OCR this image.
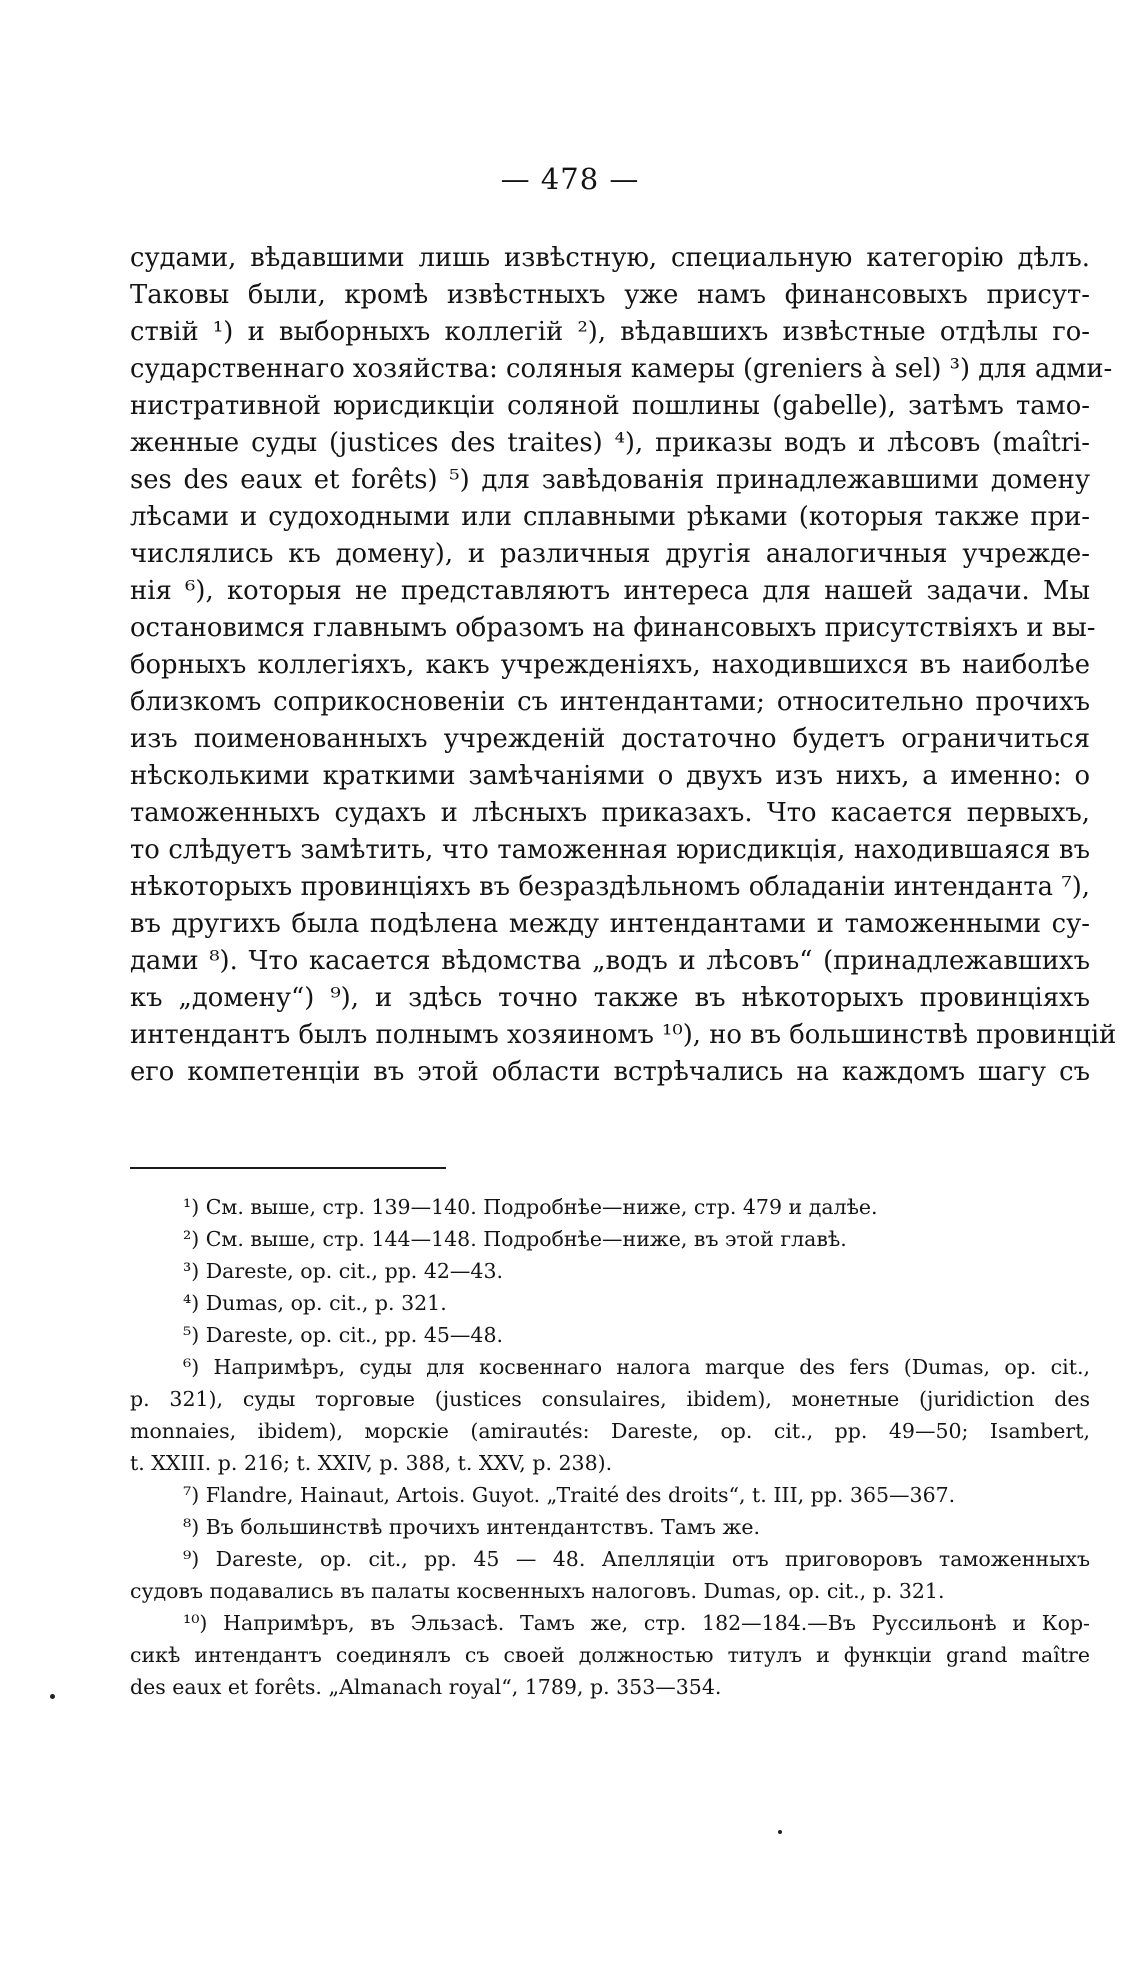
— 478 —
судами, вѣдавшими лишь извѣстную, специальную категорію дѣлъ.
Таковы были, кромѣ извѣстныхъ уже намъ финансовыхъ присут-
ствій ¹) и выборныхъ коллегій ²), вѣдавшихъ извѣстные отдѣлы го-
сударственнаго хозяйства: соляныя камеры (greniers à sel) ³) для адми-
нистративной юрисдикціи соляной пошлины (gabelle), затѣмъ тамо-
женные суды (justices des traites) ⁴), приказы водъ и лѣсовъ (maîtri-
ses des eaux et forêts) ⁵) для завѣдованія принадлежавшими домену
лѣсами и судоходными или сплавными рѣками (которыя также при-
числялись къ домену), и различныя другія аналогичныя учрежде-
нія ⁶), которыя не представляютъ интереса для нашей задачи. Мы
остановимся главнымъ образомъ на финансовыхъ присутствіяхъ и вы-
борныхъ коллегіяхъ, какъ учрежденіяхъ, находившихся въ наиболѣе
близкомъ соприкосновеніи съ интендантами; относительно прочихъ
изъ поименованныхъ учрежденій достаточно будетъ ограничиться
нѣсколькими краткими замѣчаніями о двухъ изъ нихъ, а именно: о
таможенныхъ судахъ и лѣсныхъ приказахъ. Что касается первыхъ,
то слѣдуетъ замѣтить, что таможенная юрисдикція, находившаяся въ
нѣкоторыхъ провинціяхъ въ безраздѣльномъ обладаніи интенданта ⁷),
въ другихъ была подѣлена между интендантами и таможенными су-
дами ⁸). Что касается вѣдомства „водъ и лѣсовъ“ (принадлежавшихъ
къ „домену“) ⁹), и здѣсь точно также въ нѣкоторыхъ провинціяхъ
интендантъ былъ полнымъ хозяиномъ ¹⁰), но въ большинствѣ провинцій
его компетенціи въ этой области встрѣчались на каждомъ шагу съ
¹) См. выше, стр. 139—140. Подробнѣе—ниже, стр. 479 и далѣе.
²) См. выше, стр. 144—148. Подробнѣе—ниже, въ этой главѣ.
³) Dareste, op. cit., pp. 42—43.
⁴) Dumas, op. cit., p. 321.
⁵) Dareste, op. cit., pp. 45—48.
⁶) Напримѣръ, суды для косвеннаго налога marque des fers (Dumas, op. cit.,
p. 321), суды торговые (justices consulaires, ibidem), монетные (juridiction des
monnaies, ibidem), морскіе (amirautés: Dareste, op. cit., pp. 49—50; Isambert,
t. XXIII. p. 216; t. XXIV, p. 388, t. XXV, p. 238).
⁷) Flandre, Hainaut, Artois. Guyot. „Traité des droits“, t. III, pp. 365—367.
⁸) Въ большинствѣ прочихъ интендантствъ. Тамъ же.
⁹) Dareste, op. cit., pp. 45 — 48. Апелляціи отъ приговоровъ таможенныхъ
судовъ подавались въ палаты косвенныхъ налоговъ. Dumas, op. cit., p. 321.
¹⁰) Напримѣръ, въ Эльзасѣ. Тамъ же, стр. 182—184.—Въ Руссильонѣ и Кор-
сикѣ интендантъ соединялъ съ своей должностью титулъ и функціи grand maître
des eaux et forêts. „Almanach royal“, 1789, p. 353—354.
